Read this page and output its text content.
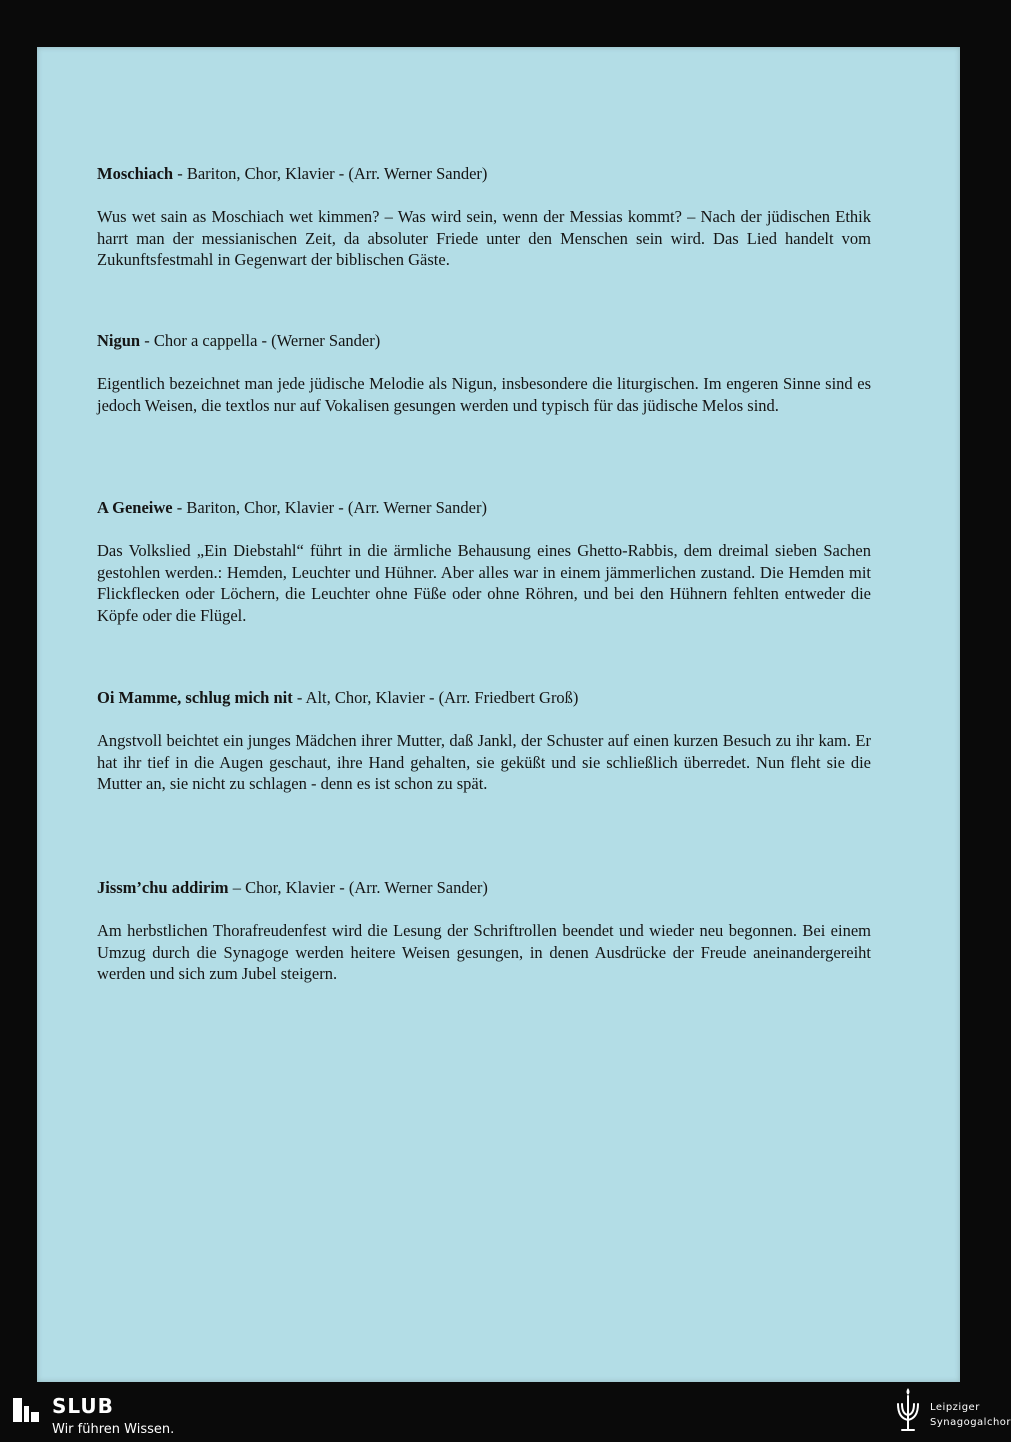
Moschiach - Bariton, Chor, Klavier - (Arr. Werner Sander)

Wus wet sain as Moschiach wet kimmen? – Was wird sein, wenn der Messias kommt? – Nach der jüdischen Ethik harrt man der messianischen Zeit, da absoluter Friede unter den Menschen sein wird. Das Lied handelt vom Zukunftsfestmahl in Gegenwart der biblischen Gäste.

Nigun - Chor a cappella - (Werner Sander)

Eigentlich bezeichnet man jede jüdische Melodie als Nigun, insbesondere die liturgischen. Im engeren Sinne sind es jedoch Weisen, die textlos nur auf Vokalisen gesungen werden und typisch für das jüdische Melos sind.

A Geneiwe - Bariton, Chor, Klavier - (Arr. Werner Sander)

Das Volkslied „Ein Diebstahl“ führt in die ärmliche Behausung eines Ghetto-Rabbis, dem dreimal sieben Sachen gestohlen werden.: Hemden, Leuchter und Hühner. Aber alles war in einem jämmerlichen zustand. Die Hemden mit Flickflecken oder Löchern, die Leuchter ohne Füße oder ohne Röhren, und bei den Hühnern fehlten entweder die Köpfe oder die Flügel.

Oi Mamme, schlug mich nit - Alt, Chor, Klavier - (Arr. Friedbert Groß)

Angstvoll beichtet ein junges Mädchen ihrer Mutter, daß Jankl, der Schuster auf einen kurzen Besuch zu ihr kam. Er hat ihr tief in die Augen geschaut, ihre Hand gehalten, sie geküßt und sie schließlich überredet. Nun fleht sie die Mutter an, sie nicht zu schlagen - denn es ist schon zu spät.

Jissm’chu addirim – Chor, Klavier - (Arr. Werner Sander)

Am herbstlichen Thorafreudenfest wird die Lesung der Schriftrollen beendet und wieder neu begonnen. Bei einem Umzug durch die Synagoge werden heitere Weisen gesungen, in denen Ausdrücke der Freude aneinandergereiht werden und sich zum Jubel steigern.

SLUB
Wir führen Wissen.
Leipziger
Synagogalchor
